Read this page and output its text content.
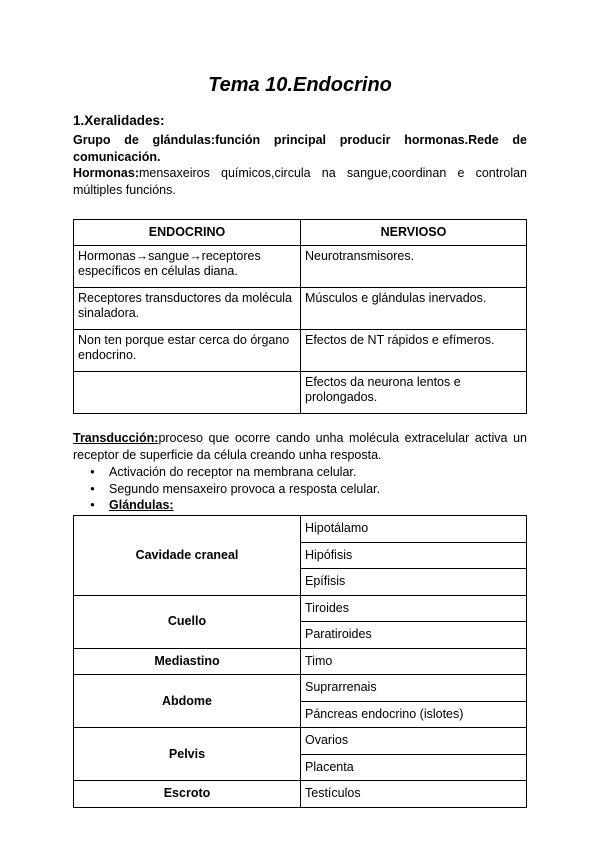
Tema 10.Endocrino
1.Xeralidades:
Grupo de glándulas:función principal producir hormonas.Rede de comunicación.
Hormonas:mensaxeiros químicos,circula na sangue,coordinan e controlan múltiples funcións.
ENDOCRINO	NERVIOSO
Hormonas→sangue→receptores específicos en células diana.	Neurotransmisores.
Receptores transductores da molécula sinaladora.	Músculos e glándulas inervados.
Non ten porque estar cerca do órgano endocrino.	Efectos de NT rápidos e efímeros.
	Efectos da neurona lentos e prolongados.
Transducción:proceso que ocorre cando unha molécula extracelular activa un receptor de superficie da célula creando unha resposta.
● Activación do receptor na membrana celular.
● Segundo mensaxeiro provoca a resposta celular.
● Glándulas:
Cavidade craneal	Hipotálamo
	Hipófisis
	Epífisis
Cuello	Tiroides
	Paratiroides
Mediastino	Timo
Abdome	Suprarrenais
	Páncreas endocrino (islotes)
Pelvis	Ovarios
	Placenta
Escroto	Testículos
